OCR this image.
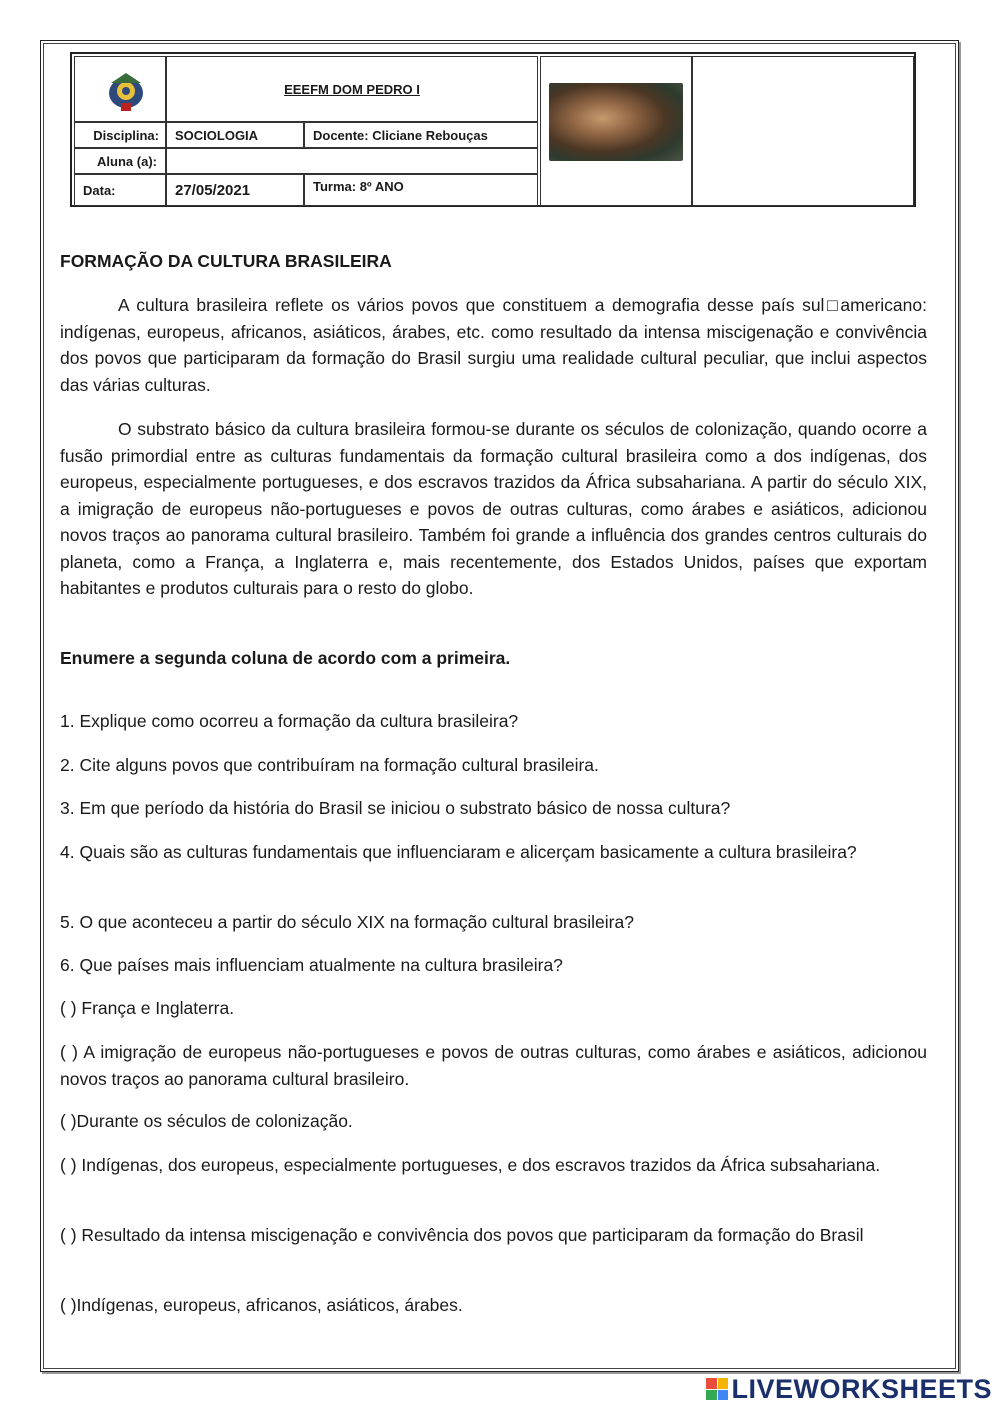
EEEFM DOM PEDRO I
Disciplina:	SOCIOLOGIA	Docente: Cliciane Rebouças
Aluna (a):
Data:	27/05/2021	Turma: 8º ANO
FORMAÇÃO DA CULTURA BRASILEIRA
A cultura brasileira reflete os vários povos que constituem a demografia desse país sul□americano: indígenas, europeus, africanos, asiáticos, árabes, etc. como resultado da intensa miscigenação e convivência dos povos que participaram da formação do Brasil surgiu uma realidade cultural peculiar, que inclui aspectos das várias culturas.
O substrato básico da cultura brasileira formou-se durante os séculos de colonização, quando ocorre a fusão primordial entre as culturas fundamentais da formação cultural brasileira como a dos indígenas, dos europeus, especialmente portugueses, e dos escravos trazidos da África subsahariana. A partir do século XIX, a imigração de europeus não-portugueses e povos de outras culturas, como árabes e asiáticos, adicionou novos traços ao panorama cultural brasileiro. Também foi grande a influência dos grandes centros culturais do planeta, como a França, a Inglaterra e, mais recentemente, dos Estados Unidos, países que exportam habitantes e produtos culturais para o resto do globo.
Enumere a segunda coluna de acordo com a primeira.
1. Explique como ocorreu a formação da cultura brasileira?
2. Cite alguns povos que contribuíram na formação cultural brasileira.
3. Em que período da história do Brasil se iniciou o substrato básico de nossa cultura?
4. Quais são as culturas fundamentais que influenciaram e alicerçam basicamente a cultura brasileira?
5. O que aconteceu a partir do século XIX na formação cultural brasileira?
6. Que países mais influenciam atualmente na cultura brasileira?
( ) França e Inglaterra.
( ) A imigração de europeus não-portugueses e povos de outras culturas, como árabes e asiáticos, adicionou novos traços ao panorama cultural brasileiro.
( )Durante os séculos de colonização.
( ) Indígenas, dos europeus, especialmente portugueses, e dos escravos trazidos da África subsahariana.
( ) Resultado da intensa miscigenação e convivência dos povos que participaram da formação do Brasil
( )Indígenas, europeus, africanos, asiáticos, árabes.
LIVEWORKSHEETS
